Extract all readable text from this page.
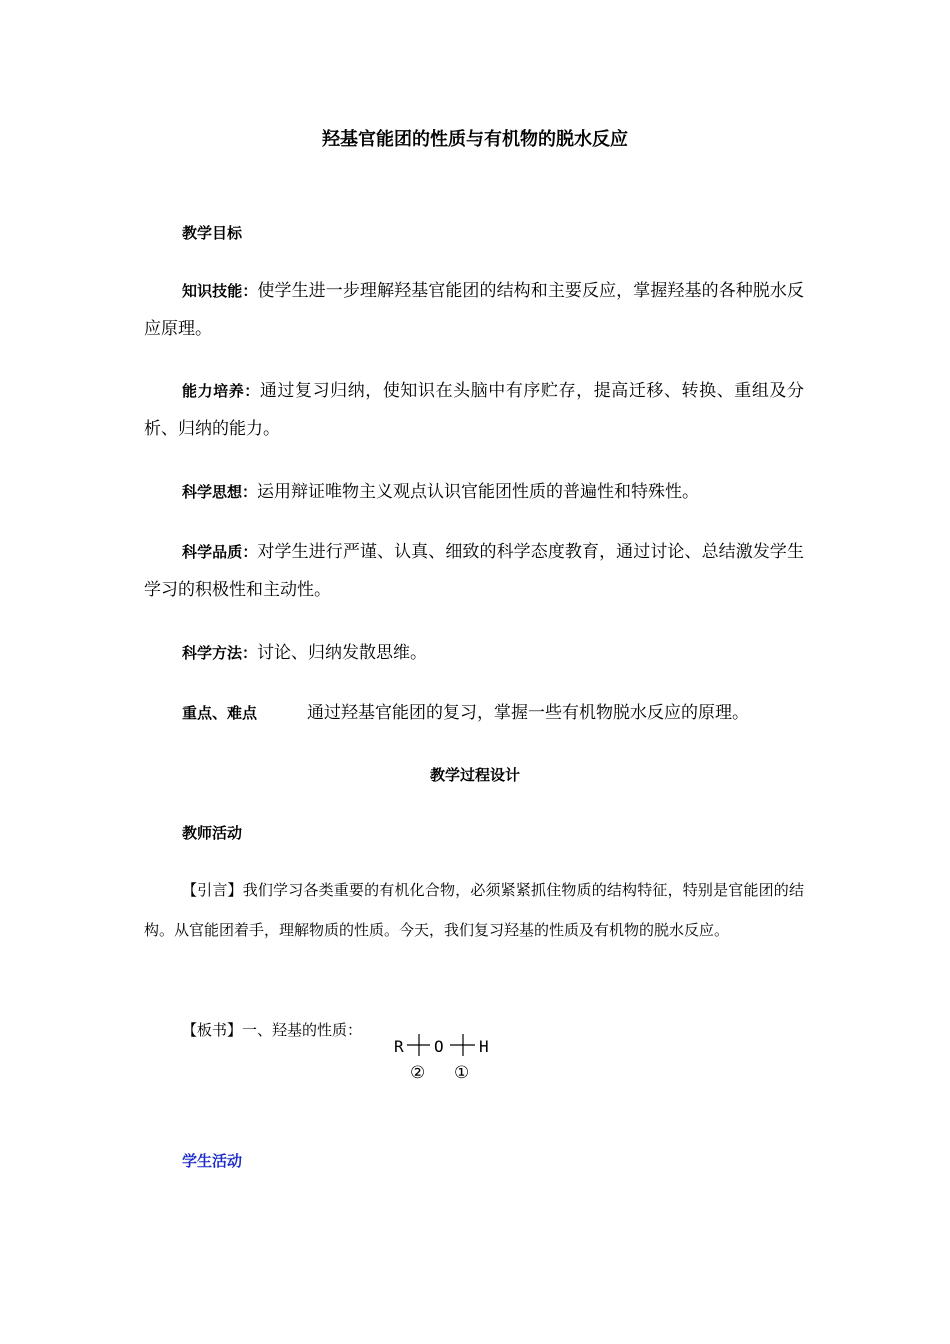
羟基官能团的性质与有机物的脱水反应
教学目标
知识技能：使学生进一步理解羟基官能团的结构和主要反应，掌握羟基的各种脱水反应原理。
能力培养：通过复习归纳，使知识在头脑中有序贮存，提高迁移、转换、重组及分析、归纳的能力。
科学思想：运用辩证唯物主义观点认识官能团性质的普遍性和特殊性。
科学品质：对学生进行严谨、认真、细致的科学态度教育，通过讨论、总结激发学生学习的积极性和主动性。
科学方法：讨论、归纳发散思维。
重点、难点	通过羟基官能团的复习，掌握一些有机物脱水反应的原理。
教学过程设计
教师活动
【引言】我们学习各类重要的有机化合物，必须紧紧抓住物质的结构特征，特别是官能团的结构。从官能团着手，理解物质的性质。今天，我们复习羟基的性质及有机物的脱水反应。
【板书】一、羟基的性质：
R O H
② ①
学生活动
